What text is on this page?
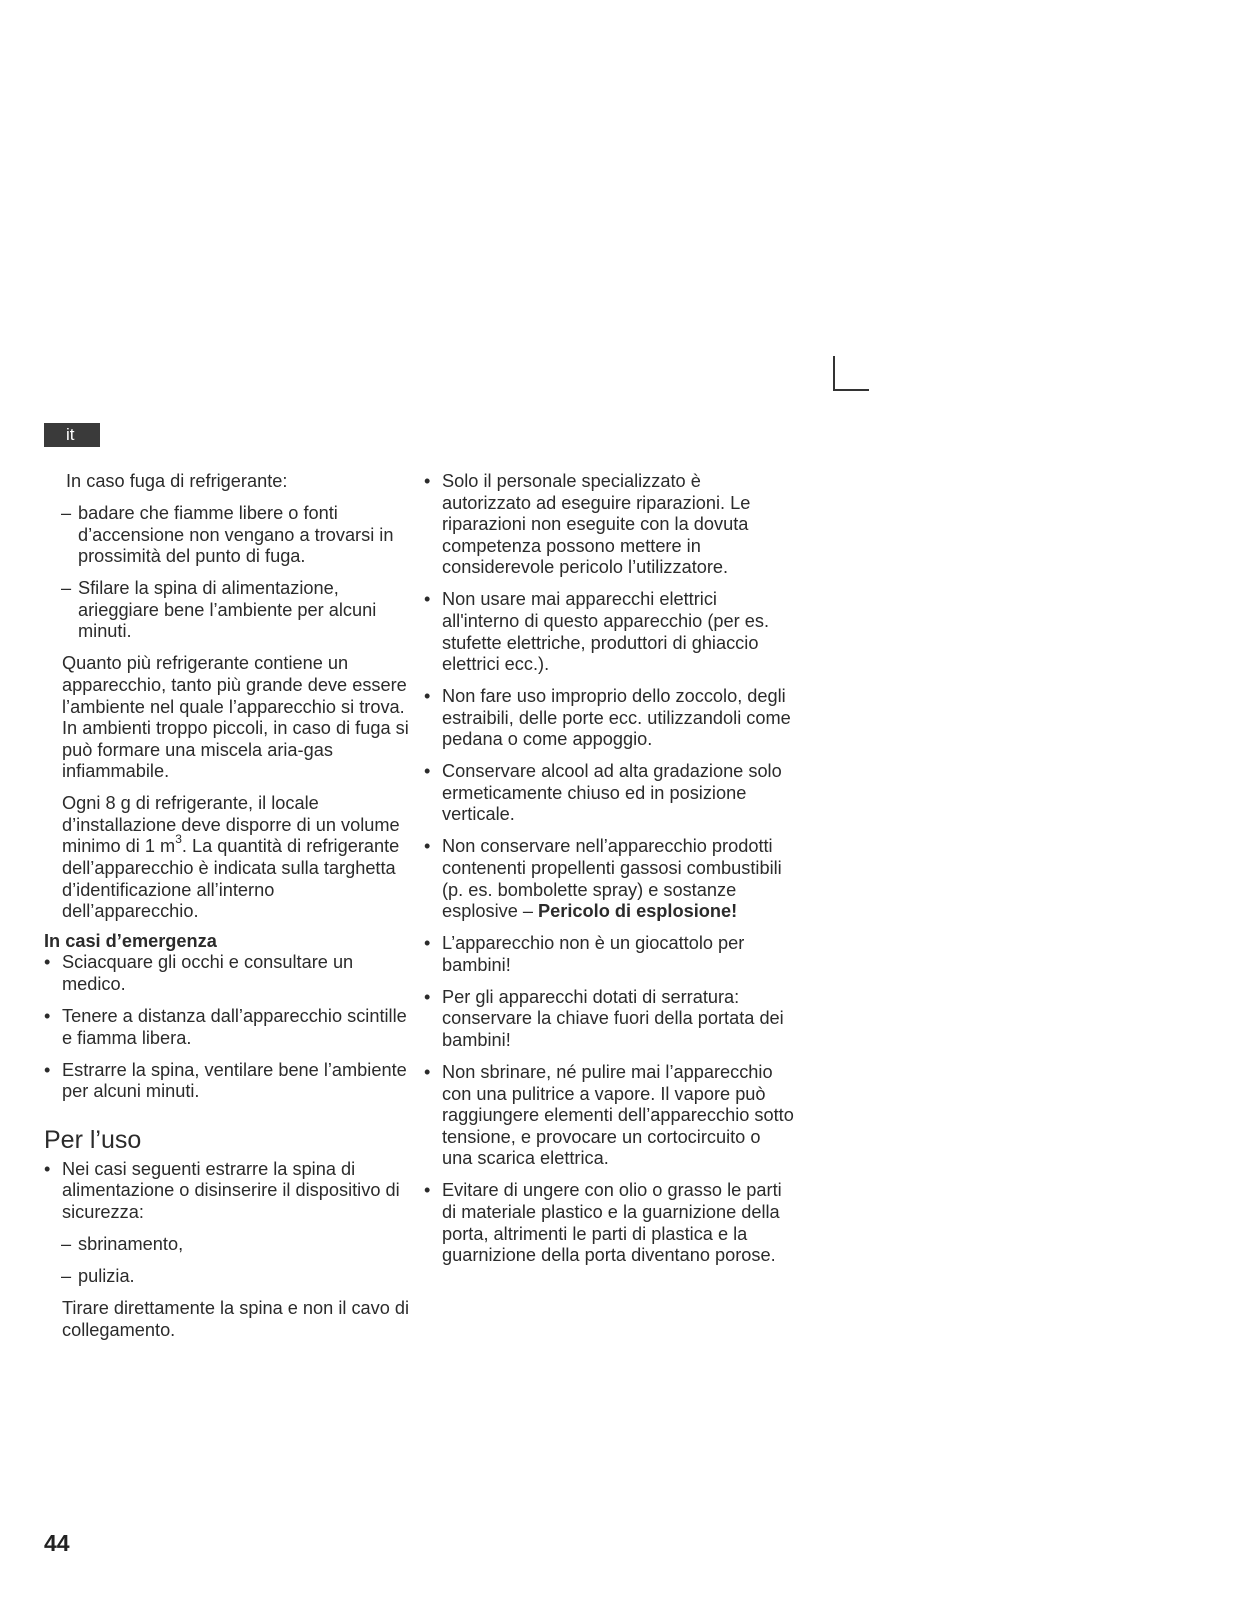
it

In caso fuga di refrigerante:

– badare che fiamme libere o fonti d’accensione non vengano a trovarsi in prossimità del punto di fuga.

– Sfilare la spina di alimentazione, arieggiare bene l’ambiente per alcuni minuti.

Quanto più refrigerante contiene un apparecchio, tanto più grande deve essere l’ambiente nel quale l’apparecchio si trova. In ambienti troppo piccoli, in caso di fuga si può formare una miscela aria-gas infiammabile.

Ogni 8 g di refrigerante, il locale d’installazione deve disporre di un volume minimo di 1 $m^3$. La quantità di refrigerante dell’apparecchio è indicata sulla targhetta d’identificazione all’interno dell’apparecchio.

In casi d’emergenza

• Sciacquare gli occhi e consultare un medico.

• Tenere a distanza dall’apparecchio scintille e fiamma libera.

• Estrarre la spina, ventilare bene l’ambiente per alcuni minuti.

Per l’uso

• Nei casi seguenti estrarre la spina di alimentazione o disinserire il dispositivo di sicurezza:

– sbrinamento,

– pulizia.

Tirare direttamente la spina e non il cavo di collegamento.

• Solo il personale specializzato è autorizzato ad eseguire riparazioni. Le riparazioni non eseguite con la dovuta competenza possono mettere in considerevole pericolo l’utilizzatore.

• Non usare mai apparecchi elettrici all'interno di questo apparecchio (per es. stufette elettriche, produttori di ghiaccio elettrici ecc.).

• Non fare uso improprio dello zoccolo, degli estraibili, delle porte ecc. utilizzandoli come pedana o come appoggio.

• Conservare alcool ad alta gradazione solo ermeticamente chiuso ed in posizione verticale.

• Non conservare nell’apparecchio prodotti contenenti propellenti gassosi combustibili (p. es. bombolette spray) e sostanze esplosive – Pericolo di esplosione!

• L’apparecchio non è un giocattolo per bambini!

• Per gli apparecchi dotati di serratura: conservare la chiave fuori della portata dei bambini!

• Non sbrinare, né pulire mai l’apparecchio con una pulitrice a vapore. Il vapore può raggiungere elementi dell’apparecchio sotto tensione, e provocare un cortocircuito o una scarica elettrica.

• Evitare di ungere con olio o grasso le parti di materiale plastico e la guarnizione della porta, altrimenti le parti di plastica e la guarnizione della porta diventano porose.

44
